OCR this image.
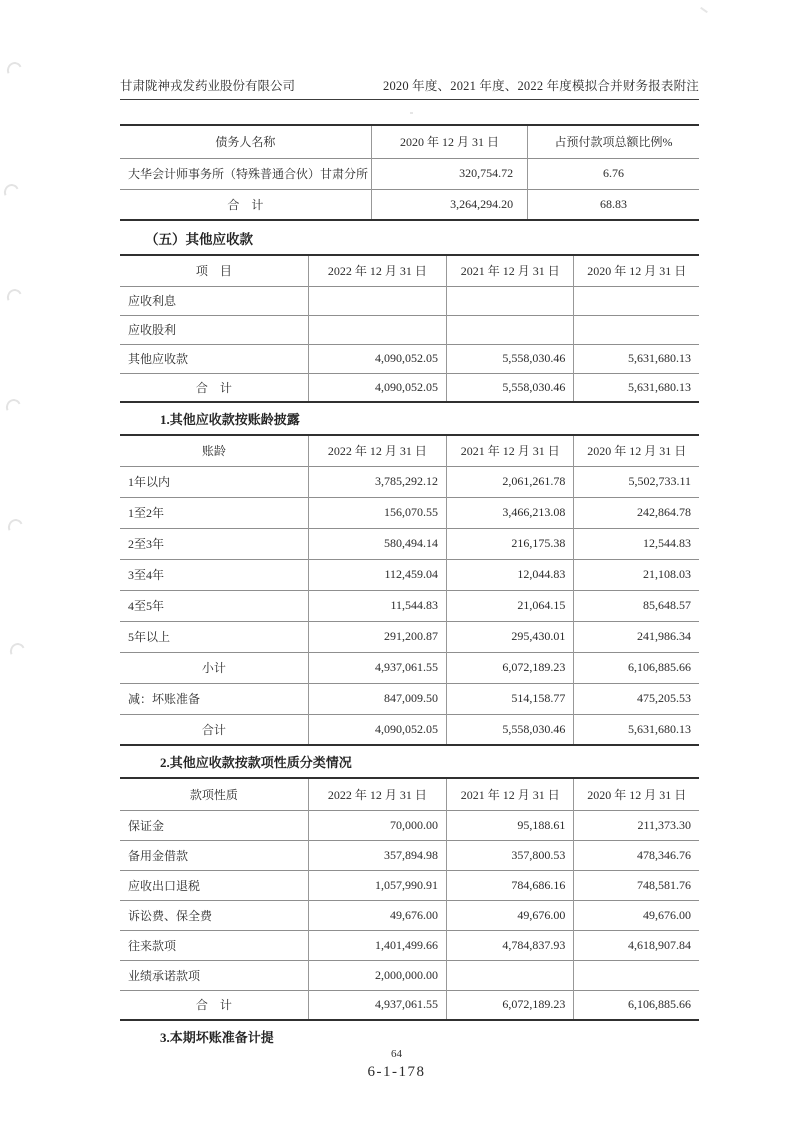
甘肃陇神戎发药业股份有限公司	2020 年度、2021 年度、2022 年度模拟合并财务报表附注
债务人名称	2020 年 12 月 31 日	占预付款项总额比例%
大华会计师事务所（特殊普通合伙）甘肃分所	320,754.72	6.76
合　计	3,264,294.20	68.83
（五）其他应收款
项　目	2022 年 12 月 31 日	2021 年 12 月 31 日	2020 年 12 月 31 日
应收利息			
应收股利			
其他应收款	4,090,052.05	5,558,030.46	5,631,680.13
合　计	4,090,052.05	5,558,030.46	5,631,680.13
1.其他应收款按账龄披露
账龄	2022 年 12 月 31 日	2021 年 12 月 31 日	2020 年 12 月 31 日
1年以内	3,785,292.12	2,061,261.78	5,502,733.11
1至2年	156,070.55	3,466,213.08	242,864.78
2至3年	580,494.14	216,175.38	12,544.83
3至4年	112,459.04	12,044.83	21,108.03
4至5年	11,544.83	21,064.15	85,648.57
5年以上	291,200.87	295,430.01	241,986.34
小计	4,937,061.55	6,072,189.23	6,106,885.66
减：坏账准备	847,009.50	514,158.77	475,205.53
合计	4,090,052.05	5,558,030.46	5,631,680.13
2.其他应收款按款项性质分类情况
款项性质	2022 年 12 月 31 日	2021 年 12 月 31 日	2020 年 12 月 31 日
保证金	70,000.00	95,188.61	211,373.30
备用金借款	357,894.98	357,800.53	478,346.76
应收出口退税	1,057,990.91	784,686.16	748,581.76
诉讼费、保全费	49,676.00	49,676.00	49,676.00
往来款项	1,401,499.66	4,784,837.93	4,618,907.84
业绩承诺款项	2,000,000.00		
合　计	4,937,061.55	6,072,189.23	6,106,885.66
3.本期坏账准备计提
64
6-1-178
